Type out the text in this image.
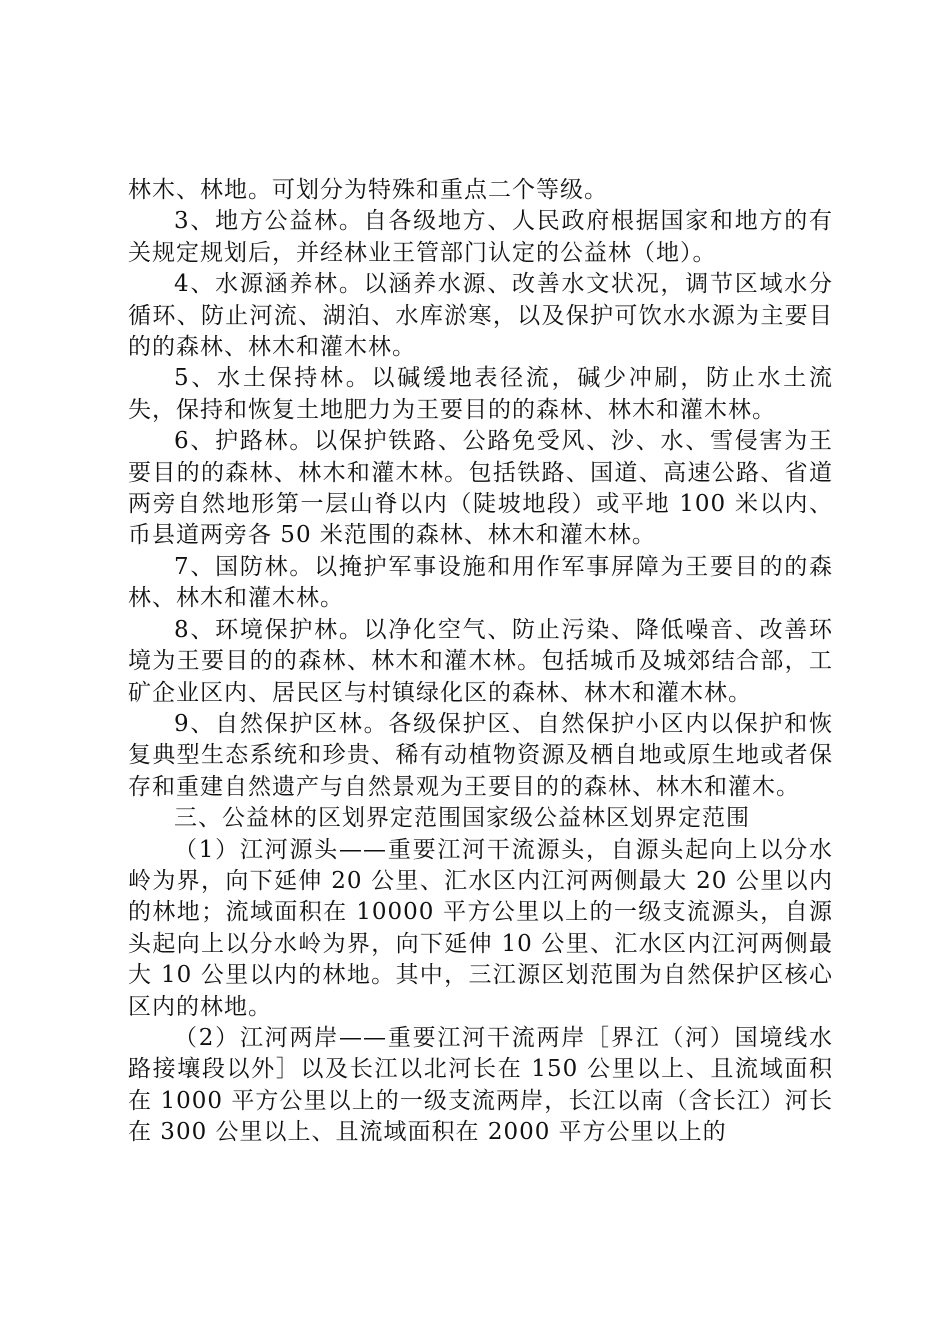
林木、林地。可划分为特殊和重点二个等级。

3、地方公益林。自各级地方、人民政府根据国家和地方的有关规定规划后，并经林业王管部门认定的公益林（地）。

4、水源涵养林。以涵养水源、改善水文状况，调节区域水分循环、防止河流、湖泊、水库淤寒，以及保护可饮水水源为主要目的的森林、林木和灌木林。

5、水土保持林。以碱缓地表径流，碱少冲刷，防止水土流失，保持和恢复土地肥力为王要目的的森林、林木和灌木林。

6、护路林。以保护铁路、公路免受风、沙、水、雪侵害为王要目的的森林、林木和灌木林。包括铁路、国道、高速公路、省道两旁自然地形第一层山脊以内（陡坡地段）或平地 100 米以内、币县道两旁各 50 米范围的森林、林木和灌木林。

7、国防林。以掩护军事设施和用作军事屏障为王要目的的森林、林木和灌木林。

8、环境保护林。以净化空气、防止污染、降低噪音、改善环境为王要目的的森林、林木和灌木林。包括城币及城郊结合部，工矿企业区内、居民区与村镇绿化区的森林、林木和灌木林。

9、自然保护区林。各级保护区、自然保护小区内以保护和恢复典型生态系统和珍贵、稀有动植物资源及栖自地或原生地或者保存和重建自然遗产与自然景观为王要目的的森林、林木和灌木。

三、公益林的区划界定范围国家级公益林区划界定范围

（1）江河源头——重要江河干流源头，自源头起向上以分水岭为界，向下延伸 20 公里、汇水区内江河两侧最大 20 公里以内的林地；流域面积在 10000 平方公里以上的一级支流源头，自源头起向上以分水岭为界，向下延伸 10 公里、汇水区内江河两侧最大 10 公里以内的林地。其中，三江源区划范围为自然保护区核心区内的林地。

（2）江河两岸——重要江河干流两岸［界江（河）国境线水路接壤段以外］以及长江以北河长在 150 公里以上、且流域面积在 1000 平方公里以上的一级支流两岸，长江以南（含长江）河长在 300 公里以上、且流域面积在 2000 平方公里以上的
